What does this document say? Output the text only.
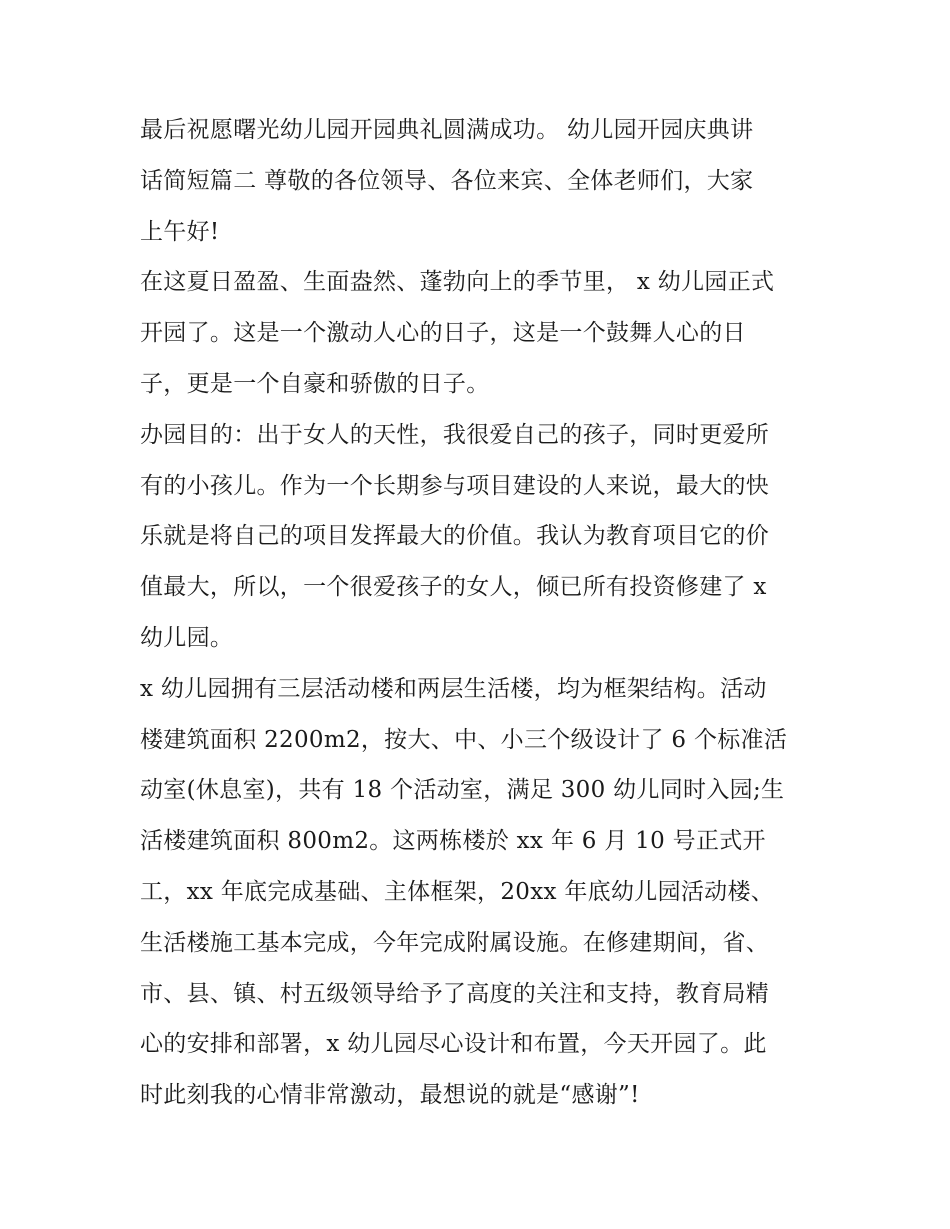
最后祝愿曙光幼儿园开园典礼圆满成功。 幼儿园开园庆典讲
话简短篇二 尊敬的各位领导、各位来宾、全体老师们，大家
上午好!
在这夏日盈盈、生面盎然、蓬勃向上的季节里， x 幼儿园正式
开园了。这是一个激动人心的日子，这是一个鼓舞人心的日
子，更是一个自豪和骄傲的日子。
办园目的：出于女人的天性，我很爱自己的孩子，同时更爱所
有的小孩儿。作为一个长期参与项目建设的人来说，最大的快
乐就是将自己的项目发挥最大的价值。我认为教育项目它的价
值最大，所以，一个很爱孩子的女人，倾已所有投资修建了 x
幼儿园。
x 幼儿园拥有三层活动楼和两层生活楼，均为框架结构。活动
楼建筑面积 2200m2，按大、中、小三个级设计了 6 个标准活
动室(休息室)，共有 18 个活动室，满足 300 幼儿同时入园;生
活楼建筑面积 800m2。这两栋楼於 xx 年 6 月 10 号正式开
工，xx 年底完成基础、主体框架，20xx 年底幼儿园活动楼、
生活楼施工基本完成，今年完成附属设施。在修建期间，省、
市、县、镇、村五级领导给予了高度的关注和支持，教育局精
心的安排和部署，x 幼儿园尽心设计和布置，今天开园了。此
时此刻我的心情非常激动，最想说的就是“感谢”!
